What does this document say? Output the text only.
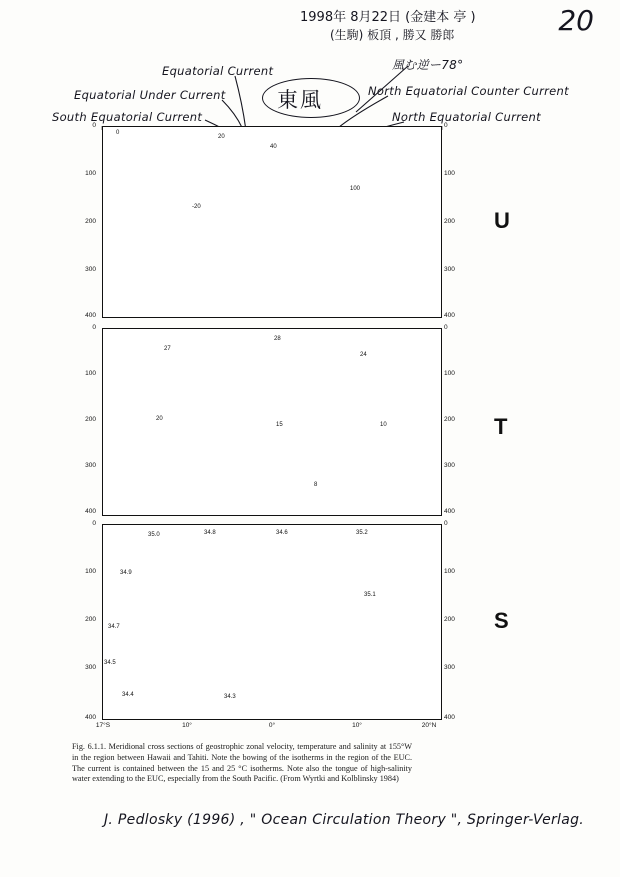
1998年 8月22日 (金建本 亭 )
(生駒) 板頂 , 勝又 勝郎	20
Equatorial Current
Equatorial Under Current
South Equatorial Current
North Equatorial Counter Current
North Equatorial Current
風む逆ー78°
東風
U
T
S
0
100
200
300
400
0
100
200
300
400
0
100
200
300
400
0
100
200
300
400
0
100
200
300
400
0
100
200
300
400
17°S	10°	0°	10°	20°N
0
20
40
-20
100
27
28
24
20
15	10
8
35.0	34.8	34.6	35.2
34.9
34.7
34.5
34.4	34.3
35.1
Fig. 6.1.1. Meridional cross sections of geostrophic zonal velocity, temperature and salinity at 155°W in the region between Hawaii and Tahiti. Note the bowing of the isotherms in the region of the EUC. The current is contained between the 15 and 25 °C isotherms. Note also the tongue of high-salinity water extending to the EUC, especially from the South Pacific. (From Wyrtki and Kolblinsky 1984)
J. Pedlosky (1996) , " Ocean Circulation Theory ", Springer-Verlag.
